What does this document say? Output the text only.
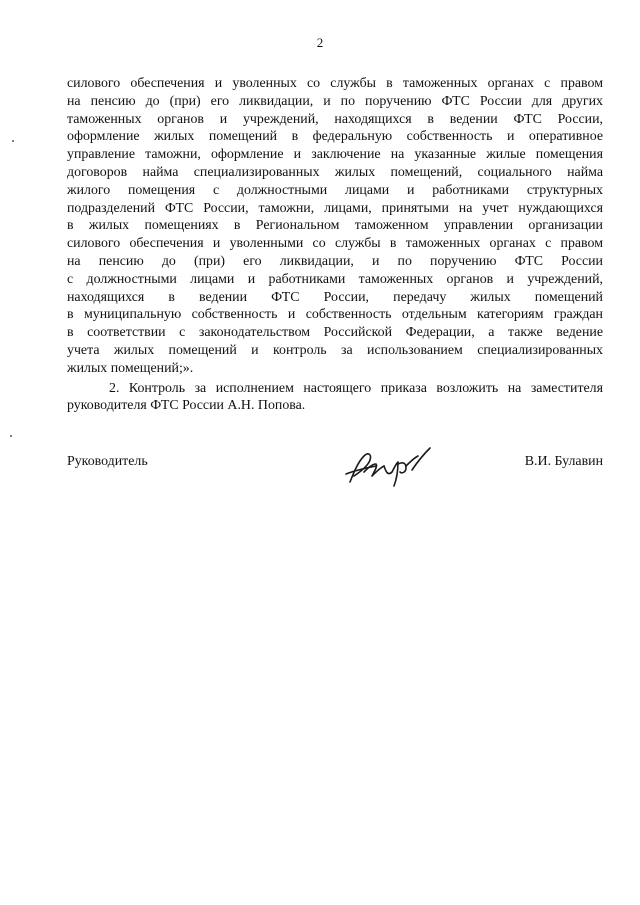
2
силового обеспечения и уволенных со службы в таможенных органах с правом
на пенсию до (при) его ликвидации, и по поручению ФТС России для других
таможенных органов и учреждений, находящихся в ведении ФТС России,
оформление жилых помещений в федеральную собственность и оперативное
управление таможни, оформление и заключение на указанные жилые помещения
договоров найма специализированных жилых помещений, социального найма
жилого помещения с должностными лицами и работниками структурных
подразделений ФТС России, таможни, лицами, принятыми на учет нуждающихся
в жилых помещениях в Региональном таможенном управлении организации
силового обеспечения и уволенными со службы в таможенных органах с правом
на пенсию до (при) его ликвидации, и по поручению ФТС России
с должностными лицами и работниками таможенных органов и учреждений,
находящихся в ведении ФТС России, передачу жилых помещений
в муниципальную собственность и собственность отдельным категориям граждан
в соответствии с законодательством Российской Федерации, а также ведение
учета жилых помещений и контроль за использованием специализированных
жилых помещений;».
2. Контроль за исполнением настоящего приказа возложить на заместителя
руководителя ФТС России А.Н. Попова.
Руководитель	В.И. Булавин
